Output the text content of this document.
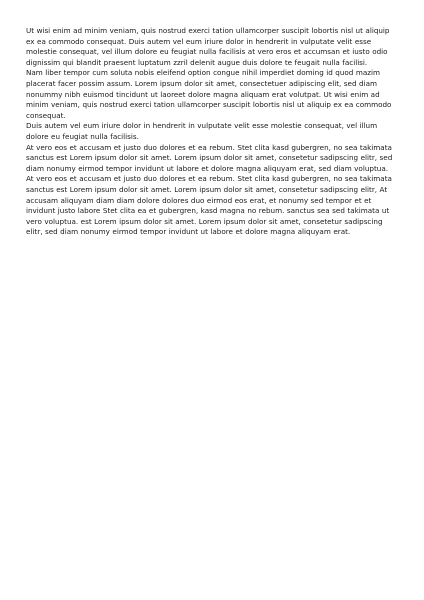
Ut wisi enim ad minim veniam, quis nostrud exerci tation ullamcorper suscipit lobortis nisl ut aliquip ex ea commodo consequat. Duis autem vel eum iriure dolor in hendrerit in vulputate velit esse molestie consequat, vel illum dolore eu feugiat nulla facilisis at vero eros et accumsan et iusto odio dignissim qui blandit praesent luptatum zzril delenit augue duis dolore te feugait nulla facilisi.

Nam liber tempor cum soluta nobis eleifend option congue nihil imperdiet doming id quod mazim placerat facer possim assum. Lorem ipsum dolor sit amet, consectetuer adipiscing elit, sed diam nonummy nibh euismod tincidunt ut laoreet dolore magna aliquam erat volutpat. Ut wisi enim ad minim veniam, quis nostrud exerci tation ullamcorper suscipit lobortis nisl ut aliquip ex ea commodo consequat.

Duis autem vel eum iriure dolor in hendrerit in vulputate velit esse molestie consequat, vel illum dolore eu feugiat nulla facilisis.

At vero eos et accusam et justo duo dolores et ea rebum. Stet clita kasd gubergren, no sea takimata sanctus est Lorem ipsum dolor sit amet. Lorem ipsum dolor sit amet, consetetur sadipscing elitr, sed diam nonumy eirmod tempor invidunt ut labore et dolore magna aliquyam erat, sed diam voluptua. At vero eos et accusam et justo duo dolores et ea rebum. Stet clita kasd gubergren, no sea takimata sanctus est Lorem ipsum dolor sit amet. Lorem ipsum dolor sit amet, consetetur sadipscing elitr, At accusam aliquyam diam diam dolore dolores duo eirmod eos erat, et nonumy sed tempor et et invidunt justo labore Stet clita ea et gubergren, kasd magna no rebum. sanctus sea sed takimata ut vero voluptua. est Lorem ipsum dolor sit amet. Lorem ipsum dolor sit amet, consetetur sadipscing elitr, sed diam nonumy eirmod tempor invidunt ut labore et dolore magna aliquyam erat.
